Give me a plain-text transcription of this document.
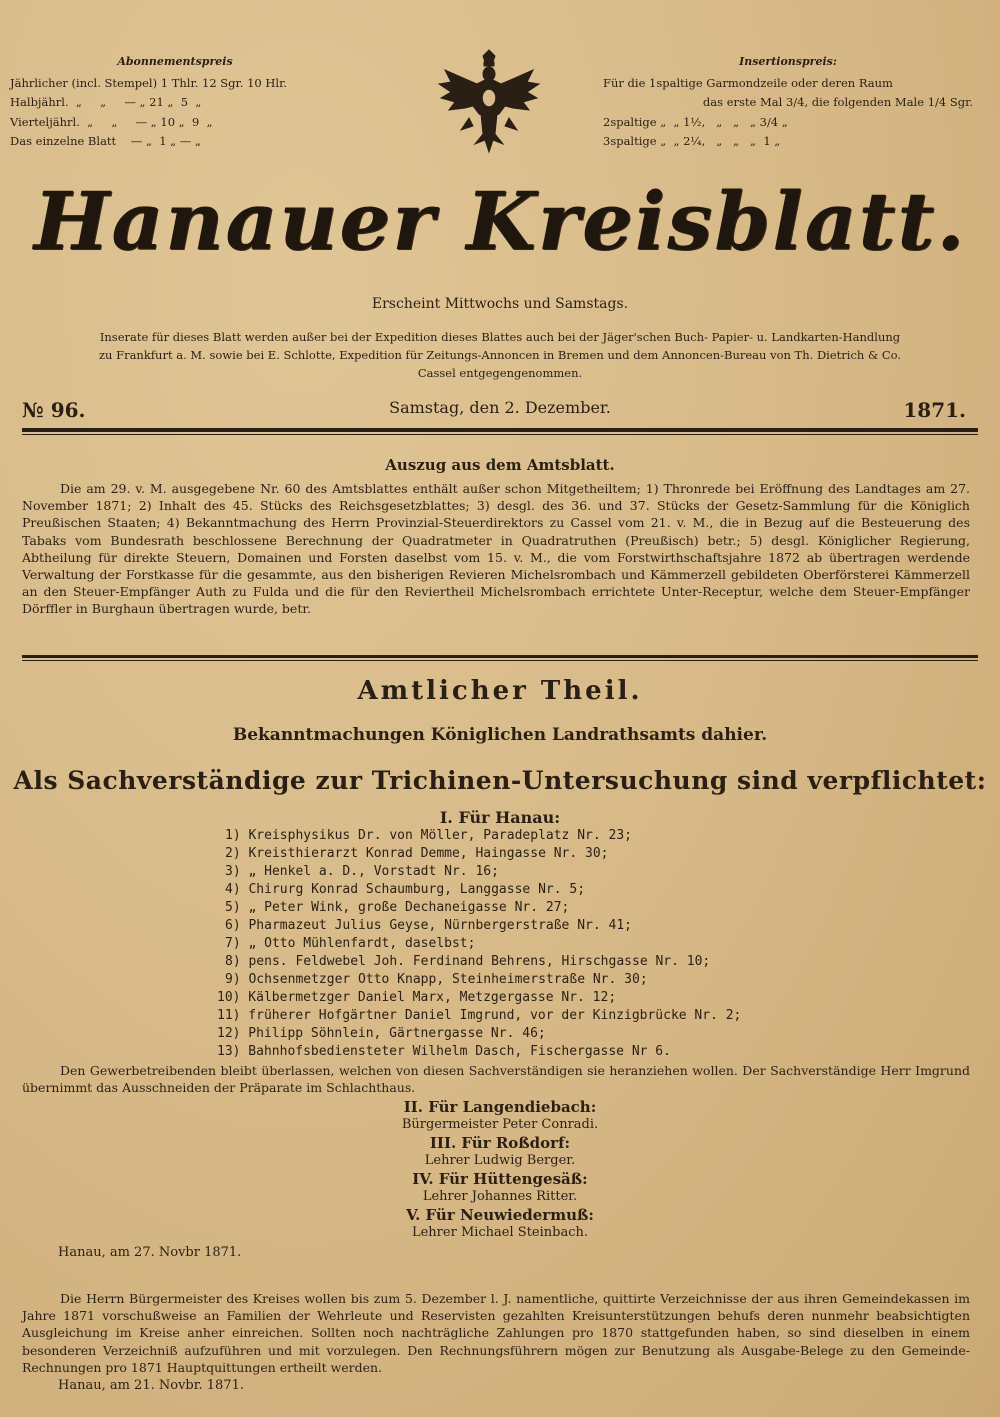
Abonnementspreis
Jährlicher (incl. Stempel) 1 Thlr. 12 Sgr. 10 Hlr.
Halbjährl.  „     „     — „ 21 „  5  „
Vierteljährl.  „     „     — „ 10 „  9  „
Das einzelne Blatt    — „  1 „ — „
Insertionspreis:
Für die 1spaltige Garmondzeile oder deren Raum
das erste Mal 3/4, die folgenden Male 1/4 Sgr.
2spaltige „  „ 1½,   „   „   „ 3/4 „
3spaltige „  „ 2¼,   „   „   „  1 „
Hanauer Kreisblatt.
Erscheint Mittwochs und Samstags.
Inserate für dieses Blatt werden außer bei der Expedition dieses Blattes auch bei der Jäger'schen Buch- Papier- u. Landkarten-Handlung
zu Frankfurt a. M. sowie bei E. Schlotte, Expedition für Zeitungs-Annoncen in Bremen und dem Annoncen-Bureau von Th. Dietrich & Co.
Cassel entgegengenommen.
Samstag, den 2. Dezember.
№ 96.	1871.
Auszug aus dem Amtsblatt.
Die am 29. v. M. ausgegebene Nr. 60 des Amtsblattes enthält außer schon Mitgetheiltem; 1) Thronrede bei Eröffnung des Landtages am 27. November 1871; 2) Inhalt des 45. Stücks des Reichsgesetzblattes; 3) desgl. des 36. und 37. Stücks der Gesetz-Sammlung für die Königlich Preußischen Staaten; 4) Bekanntmachung des Herrn Provinzial-Steuerdirektors zu Cassel vom 21. v. M., die in Bezug auf die Besteuerung des Tabaks vom Bundesrath beschlossene Berechnung der Quadratmeter in Quadratruthen (Preußisch) betr.; 5) desgl. Königlicher Regierung, Abtheilung für direkte Steuern, Domainen und Forsten daselbst vom 15. v. M., die vom Forstwirthschaftsjahre 1872 ab übertragen werdende Verwaltung der Forstkasse für die gesammte, aus den bisherigen Revieren Michelsrombach und Kämmerzell gebildeten Oberförsterei Kämmerzell an den Steuer-Empfänger Auth zu Fulda und die für den Reviertheil Michelsrombach errichtete Unter-Receptur, welche dem Steuer-Empfänger Dörffler in Burghaun übertragen wurde, betr.
Amtlicher Theil.
Bekanntmachungen Königlichen Landrathsamts dahier.
Als Sachverständige zur Trichinen-Untersuchung sind verpflichtet:
I. Für Hanau:
1) Kreisphysikus Dr. von Möller, Paradeplatz Nr. 23;
2) Kreisthierarzt Konrad Demme, Haingasse Nr. 30;
3) „ Henkel a. D., Vorstadt Nr. 16;
4) Chirurg Konrad Schaumburg, Langgasse Nr. 5;
5) „ Peter Wink, große Dechaneigasse Nr. 27;
6) Pharmazeut Julius Geyse, Nürnbergerstraße Nr. 41;
7) „ Otto Mühlenfardt, daselbst;
8) pens. Feldwebel Joh. Ferdinand Behrens, Hirschgasse Nr. 10;
9) Ochsenmetzger Otto Knapp, Steinheimerstraße Nr. 30;
10) Kälbermetzger Daniel Marx, Metzgergasse Nr. 12;
11) früherer Hofgärtner Daniel Imgrund, vor der Kinzigbrücke Nr. 2;
12) Philipp Söhnlein, Gärtnergasse Nr. 46;
13) Bahnhofsbediensteter Wilhelm Dasch, Fischergasse Nr 6.
Den Gewerbetreibenden bleibt überlassen, welchen von diesen Sachverständigen sie heranziehen wollen. Der Sachverständige Herr Imgrund übernimmt das Ausschneiden der Präparate im Schlachthaus.
II. Für Langendiebach:
Bürgermeister Peter Conradi.
III. Für Roßdorf:
Lehrer Ludwig Berger.
IV. Für Hüttengesäß:
Lehrer Johannes Ritter.
V. Für Neuwiedermuß:
Lehrer Michael Steinbach.
Hanau, am 27. Novbr 1871.
Die Herrn Bürgermeister des Kreises wollen bis zum 5. Dezember l. J. namentliche, quittirte Verzeichnisse der aus ihren Gemeindekassen im Jahre 1871 vorschußweise an Familien der Wehrleute und Reservisten gezahlten Kreisunterstützungen behufs deren nunmehr beabsichtigten Ausgleichung im Kreise anher einreichen. Sollten noch nachträgliche Zahlungen pro 1870 stattgefunden haben, so sind dieselben in einem besonderen Verzeichniß aufzuführen und mit vorzulegen. Den Rechnungsführern mögen zur Benutzung als Ausgabe-Belege zu den Gemeinde-Rechnungen pro 1871 Hauptquittungen ertheilt werden.
Hanau, am 21. Novbr. 1871.
